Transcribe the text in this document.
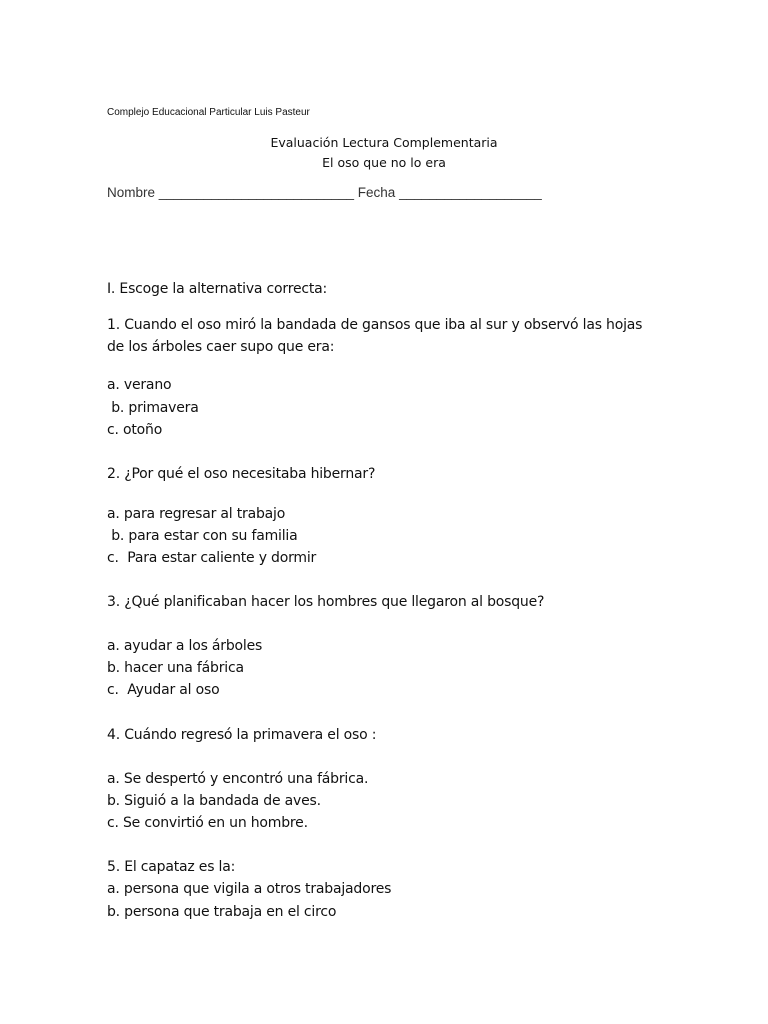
Complejo Educacional Particular Luis Pasteur
Evaluación Lectura Complementaria
El oso que no lo era
Nombre __________________________ Fecha ___________________
I. Escoge la alternativa correcta:
1. Cuando el oso miró la bandada de gansos que iba al sur y observó las hojas
de los árboles caer supo que era:
a. verano
b. primavera
c. otoño
2. ¿Por qué el oso necesitaba hibernar?
a. para regresar al trabajo
b. para estar con su familia
c.  Para estar caliente y dormir
3. ¿Qué planificaban hacer los hombres que llegaron al bosque?
a. ayudar a los árboles
b. hacer una fábrica
c.  Ayudar al oso
4. Cuándo regresó la primavera el oso :
a. Se despertó y encontró una fábrica.
b. Siguió a la bandada de aves.
c. Se convirtió en un hombre.
5. El capataz es la:
a. persona que vigila a otros trabajadores
b. persona que trabaja en el circo
